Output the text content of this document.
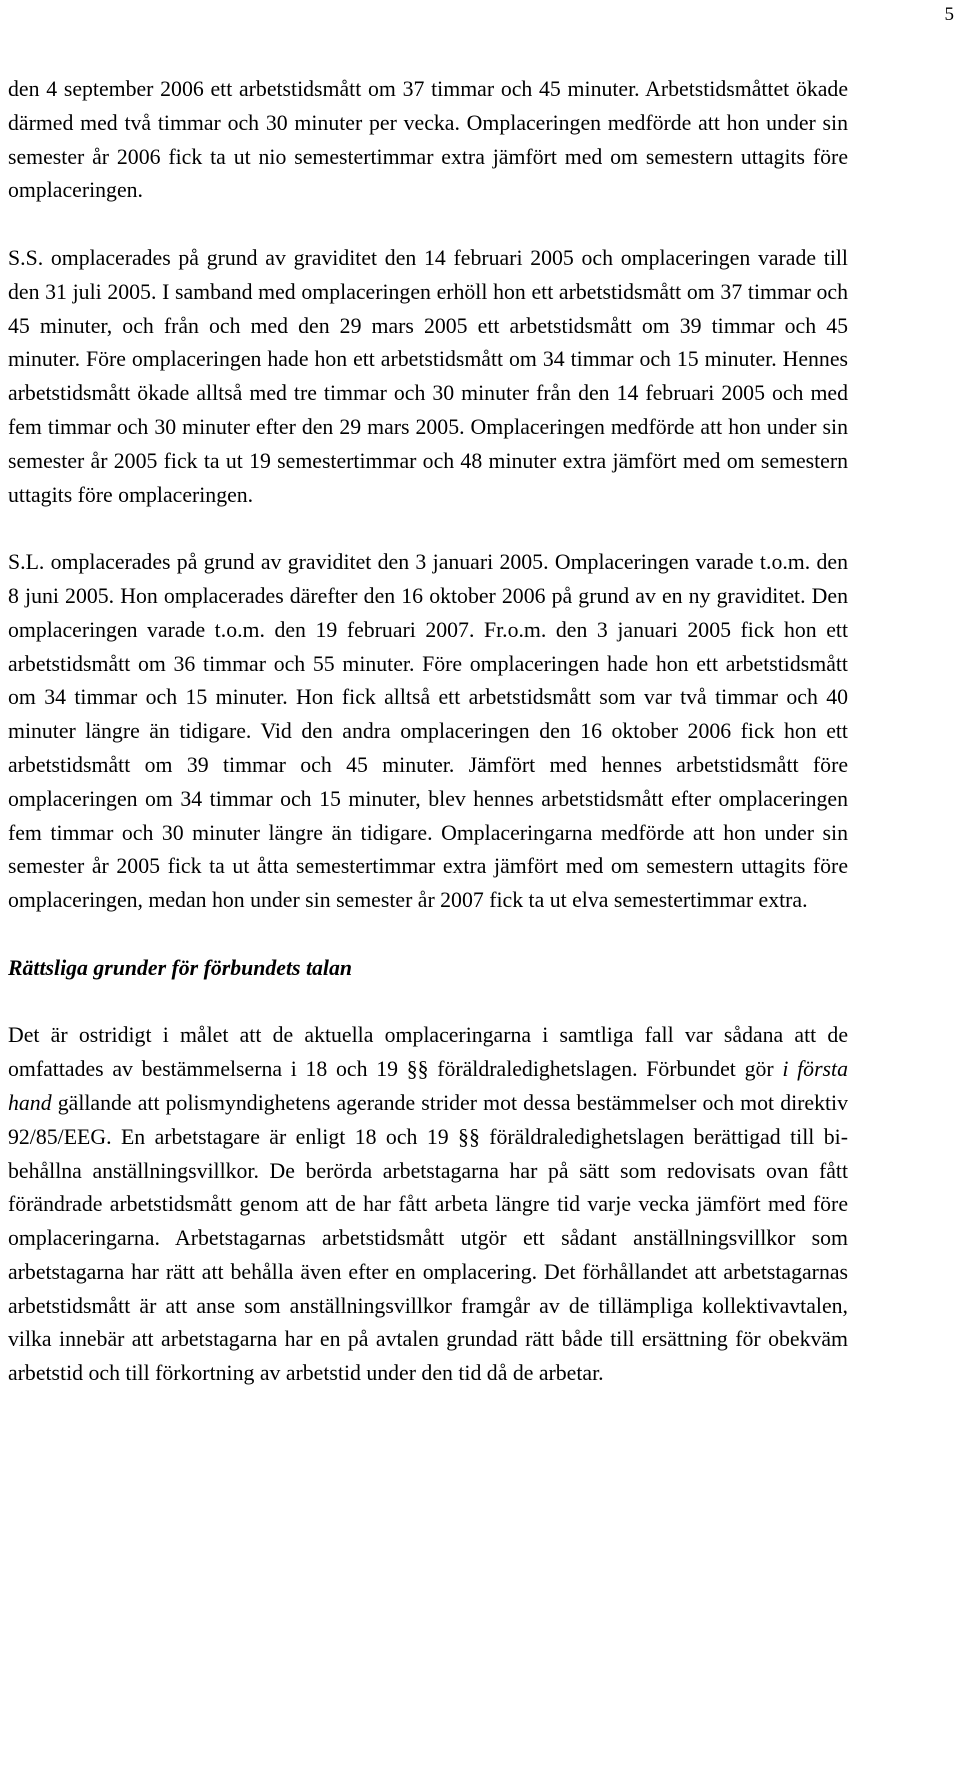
5

den 4 september 2006 ett arbetstidsmått om 37 timmar och 45 minuter. Arbetstidsmåttet ökade därmed med två timmar och 30 minuter per vecka. Omplaceringen medförde att hon under sin semester år 2006 fick ta ut nio semestertimmar extra jämfört med om semestern uttagits före omplaceringen.

S.S. omplacerades på grund av graviditet den 14 februari 2005 och omplaceringen varade till den 31 juli 2005. I samband med omplaceringen erhöll hon ett arbetstidsmått om 37 timmar och 45 minuter, och från och med den 29 mars 2005 ett arbetstidsmått om 39 timmar och 45 minuter. Före omplaceringen hade hon ett arbetstidsmått om 34 timmar och 15 minuter. Hennes arbetstidsmått ökade alltså med tre timmar och 30 minuter från den 14 februari 2005 och med fem timmar och 30 minuter efter den 29 mars 2005. Omplaceringen medförde att hon under sin semester år 2005 fick ta ut 19 semestertimmar och 48 minuter extra jämfört med om semestern uttagits före omplaceringen.

S.L. omplacerades på grund av graviditet den 3 januari 2005. Omplaceringen varade t.o.m. den 8 juni 2005. Hon omplacerades därefter den 16 oktober 2006 på grund av en ny graviditet. Den omplaceringen varade t.o.m. den 19 februari 2007. Fr.o.m. den 3 januari 2005 fick hon ett arbetstidsmått om 36 timmar och 55 minuter. Före omplaceringen hade hon ett arbetstidsmått om 34 timmar och 15 minuter. Hon fick alltså ett arbetstidsmått som var två timmar och 40 minuter längre än tidigare. Vid den andra omplaceringen den 16 oktober 2006 fick hon ett arbetstidsmått om 39 timmar och 45 minuter. Jämfört med hennes arbetstidsmått före omplaceringen om 34 timmar och 15 minuter, blev hennes arbetstidsmått efter omplaceringen fem timmar och 30 minuter längre än tidigare. Omplaceringarna medförde att hon under sin semester år 2005 fick ta ut åtta semestertimmar extra jämfört med om semestern uttagits före omplaceringen, medan hon under sin semester år 2007 fick ta ut elva semestertimmar extra.

Rättsliga grunder för förbundets talan

Det är ostridigt i målet att de aktuella omplaceringarna i samtliga fall var sådana att de omfattades av bestämmelserna i 18 och 19 §§ föräldraledighetslagen. Förbundet gör i första hand gällande att polismyndighetens agerande strider mot dessa bestämmelser och mot direktiv 92/85/EEG. En arbetstagare är enligt 18 och 19 §§ föräldraledighetslagen berättigad till bibehållna anställningsvillkor. De berörda arbetstagarna har på sätt som redovisats ovan fått förändrade arbetstidsmått genom att de har fått arbeta längre tid varje vecka jämfört med före omplaceringarna. Arbetstagarnas arbetstidsmått utgör ett sådant anställningsvillkor som arbetstagarna har rätt att behålla även efter en omplacering. Det förhållandet att arbetstagarnas arbetstidsmått är att anse som anställningsvillkor framgår av de tillämpliga kollektivavtalen, vilka innebär att arbetstagarna har en på avtalen grundad rätt både till ersättning för obekväm arbetstid och till förkortning av arbetstid under den tid då de arbetar.
